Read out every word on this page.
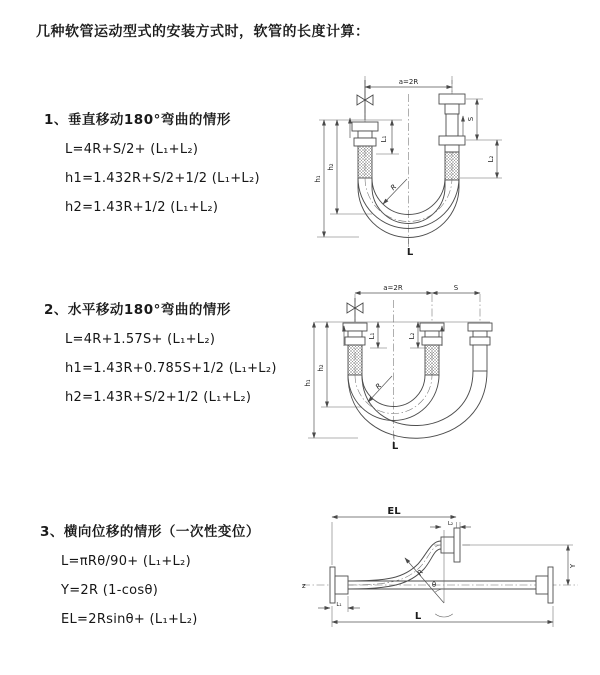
几种软管运动型式的安装方式时，软管的长度计算：
1、垂直移动180°弯曲的情形
L=4R+S/2+ (L₁+L₂)
h1=1.432R+S/2+1/2 (L₁+L₂)
h2=1.43R+1/2 (L₁+L₂)
2、水平移动180°弯曲的情形
L=4R+1.57S+ (L₁+L₂)
h1=1.43R+0.785S+1/2 (L₁+L₂)
h2=1.43R+S/2+1/2 (L₁+L₂)
3、横向位移的情形（一次性变位）
L=πRθ/90+ (L₁+L₂)
Y=2R (1-cosθ)
EL=2Rsinθ+ (L₁+L₂)
a=2R
L₁
S
L₂
h₂
h₁
R
L
a=2R	S
L₁	L₂
h₂
h₁	R
L
z
EL
L₂
R
θ
Y
L₁
L
